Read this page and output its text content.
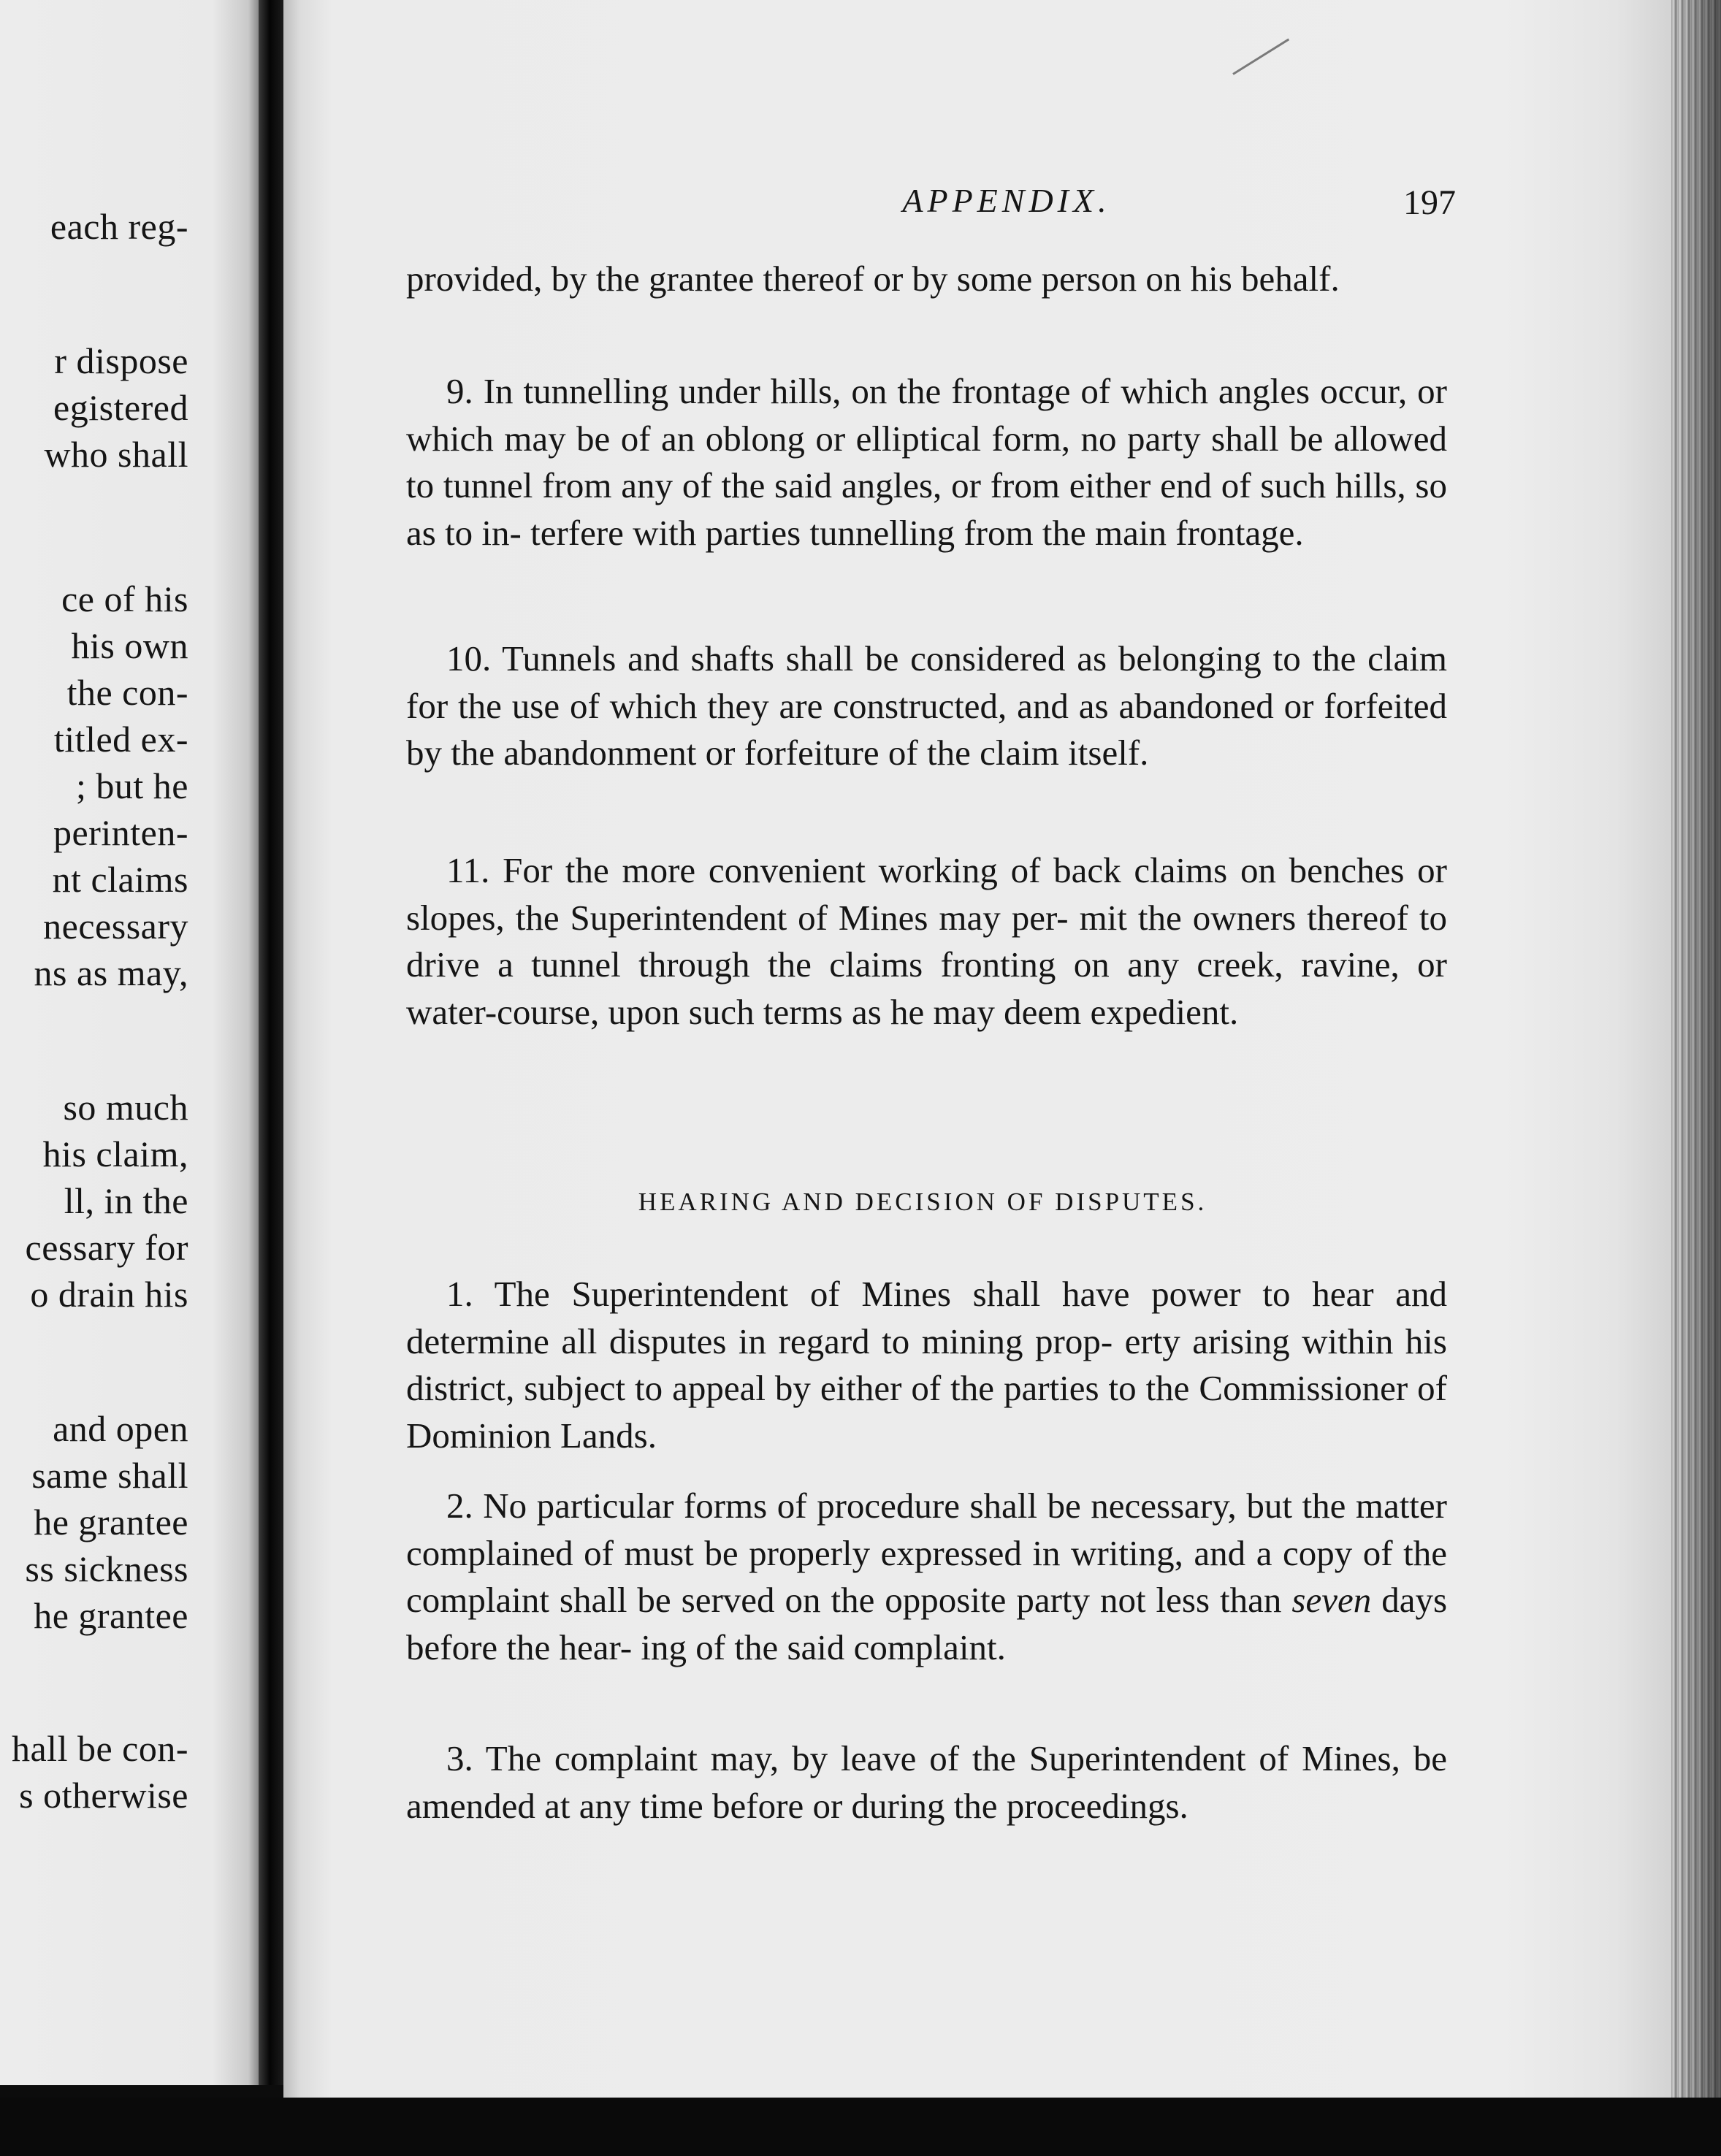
each reg-
r dispose
egistered
who shall
ce of his
his own
the con-
titled ex-
; but he
perinten-
nt claims
necessary
ns as may,
so much
his claim,
ll, in the
cessary for
o drain his
and open
same shall
he grantee
ss sickness
he grantee
hall be con-
s otherwise
APPENDIX.	197
provided, by the grantee thereof or by some person on his behalf.
9. In tunnelling under hills, on the frontage of which angles occur, or which may be of an oblong or elliptical form, no party shall be allowed to tunnel from any of the said angles, or from either end of such hills, so as to in- terfere with parties tunnelling from the main frontage.
10. Tunnels and shafts shall be considered as belonging to the claim for the use of which they are constructed, and as abandoned or forfeited by the abandonment or forfeiture of the claim itself.
11. For the more convenient working of back claims on benches or slopes, the Superintendent of Mines may per- mit the owners thereof to drive a tunnel through the claims fronting on any creek, ravine, or water-course, upon such terms as he may deem expedient.
HEARING AND DECISION OF DISPUTES.
1. The Superintendent of Mines shall have power to hear and determine all disputes in regard to mining prop- erty arising within his district, subject to appeal by either of the parties to the Commissioner of Dominion Lands.
2. No particular forms of procedure shall be necessary, but the matter complained of must be properly expressed in writing, and a copy of the complaint shall be served on the opposite party not less than seven days before the hear- ing of the said complaint.
3. The complaint may, by leave of the Superintendent of Mines, be amended at any time before or during the proceedings.
